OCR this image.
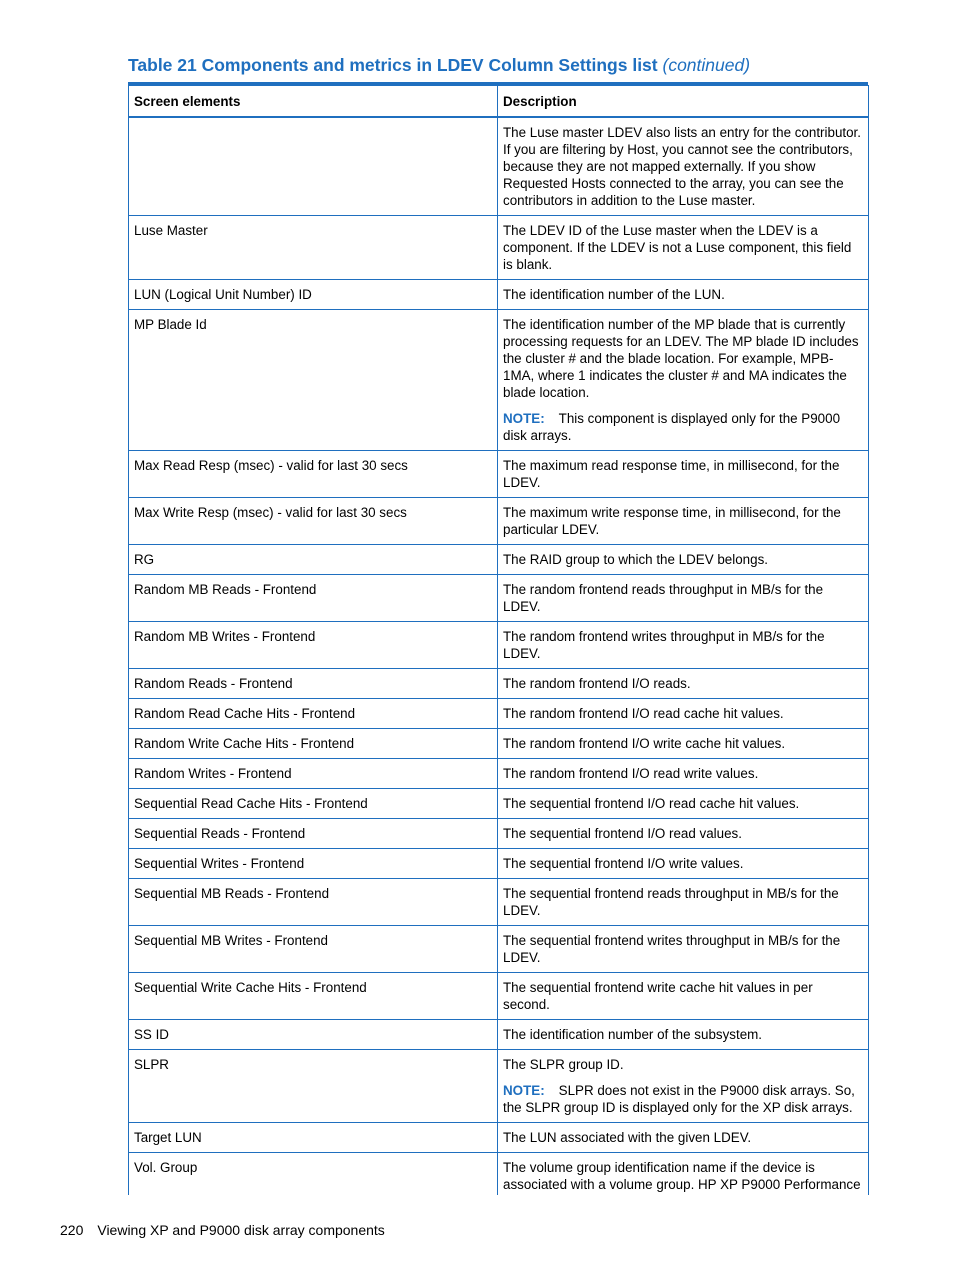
Table 21 Components and metrics in LDEV Column Settings list (continued)
Screen elements	Description

	The Luse master LDEV also lists an entry for the contributor. If you are filtering by Host, you cannot see the contributors, because they are not mapped externally. If you show Requested Hosts connected to the array, you can see the contributors in addition to the Luse master.

Luse Master	The LDEV ID of the Luse master when the LDEV is a component. If the LDEV is not a Luse component, this field is blank.

LUN (Logical Unit Number) ID	The identification number of the LUN.

MP Blade Id	The identification number of the MP blade that is currently processing requests for an LDEV. The MP blade ID includes the cluster # and the blade location. For example, MPB-1MA, where 1 indicates the cluster # and MA indicates the blade location.

NOTE: This component is displayed only for the P9000 disk arrays.

Max Read Resp (msec) - valid for last 30 secs	The maximum read response time, in millisecond, for the LDEV.

Max Write Resp (msec) - valid for last 30 secs	The maximum write response time, in millisecond, for the particular LDEV.

RG	The RAID group to which the LDEV belongs.

Random MB Reads - Frontend	The random frontend reads throughput in MB/s for the LDEV.

Random MB Writes - Frontend	The random frontend writes throughput in MB/s for the LDEV.

Random Reads - Frontend	The random frontend I/O reads.

Random Read Cache Hits - Frontend	The random frontend I/O read cache hit values.

Random Write Cache Hits - Frontend	The random frontend I/O write cache hit values.

Random Writes - Frontend	The random frontend I/O read write values.

Sequential Read Cache Hits - Frontend	The sequential frontend I/O read cache hit values.

Sequential Reads - Frontend	The sequential frontend I/O read values.

Sequential Writes - Frontend	The sequential frontend I/O write values.

Sequential MB Reads - Frontend	The sequential frontend reads throughput in MB/s for the LDEV.

Sequential MB Writes - Frontend	The sequential frontend writes throughput in MB/s for the LDEV.

Sequential Write Cache Hits - Frontend	The sequential frontend write cache hit values in per second.

SS ID	The identification number of the subsystem.

SLPR	The SLPR group ID.

NOTE: SLPR does not exist in the P9000 disk arrays. So, the SLPR group ID is displayed only for the XP disk arrays.

Target LUN	The LUN associated with the given LDEV.

Vol. Group	The volume group identification name if the device is associated with a volume group. HP XP P9000 Performance
220 Viewing XP and P9000 disk array components
